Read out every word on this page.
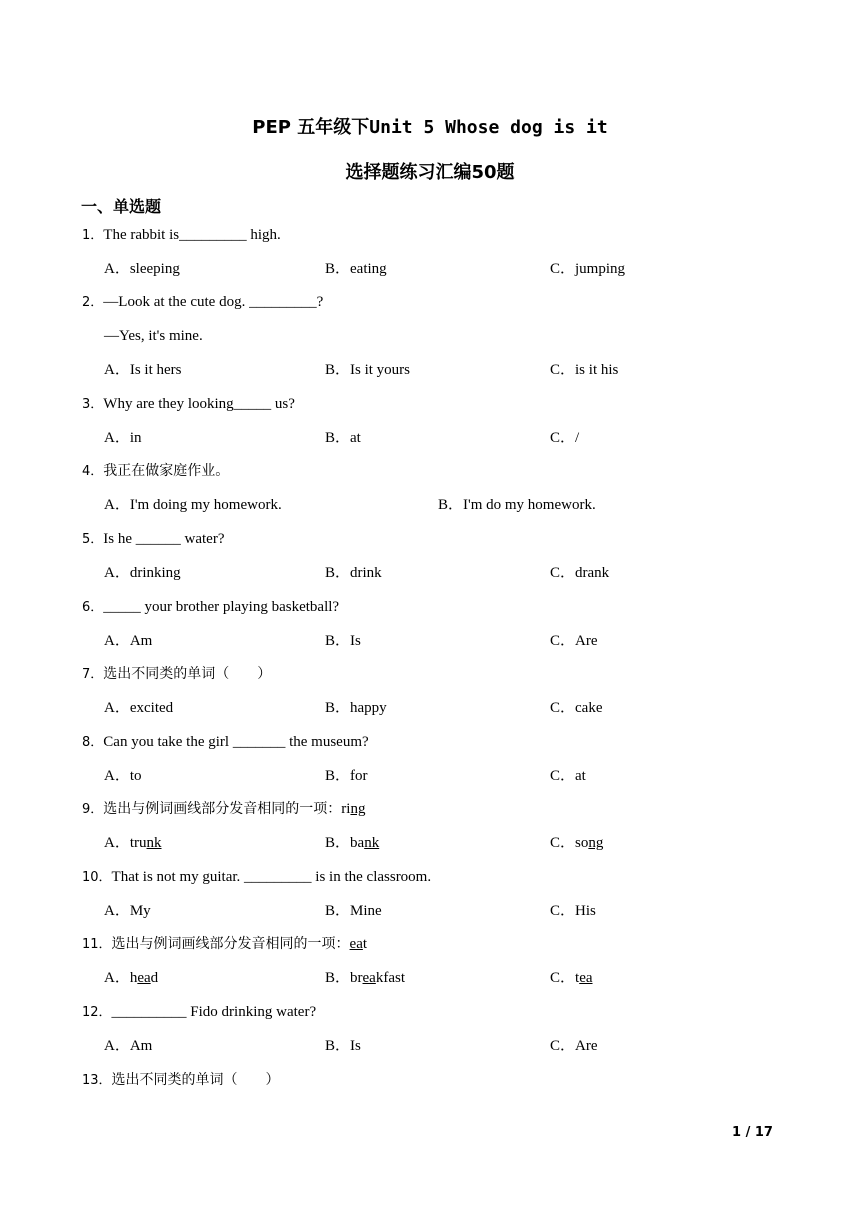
PEP 五年级下Unit 5 Whose dog is it
选择题练习汇编50题
一、单选题
1．The rabbit is_________ high.
A．sleeping	B．eating	C．jumping
2．—Look at the cute dog. _________?
—Yes, it's mine.
A．Is it hers	B．Is it yours	C．is it his
3．Why are they looking_____ us?
A．in	B．at	C．/
4．我正在做家庭作业。
A．I'm doing my homework.	B．I'm do my homework.
5．Is he ______ water?
A．drinking	B．drink	C．drank
6．_____ your brother playing basketball?
A．Am	B．Is	C．Are
7．选出不同类的单词（　　）
A．excited	B．happy	C．cake
8．Can you take the girl _______ the museum?
A．to	B．for	C．at
9．选出与例词画线部分发音相同的一项：ring
A．trunk	B．bank	C．song
10．That is not my guitar. _________ is in the classroom.
A．My	B．Mine	C．His
11．选出与例词画线部分发音相同的一项：eat
A．head	B．breakfast	C．tea
12．__________ Fido drinking water?
A．Am	B．Is	C．Are
13．选出不同类的单词（　　）
1 / 17
